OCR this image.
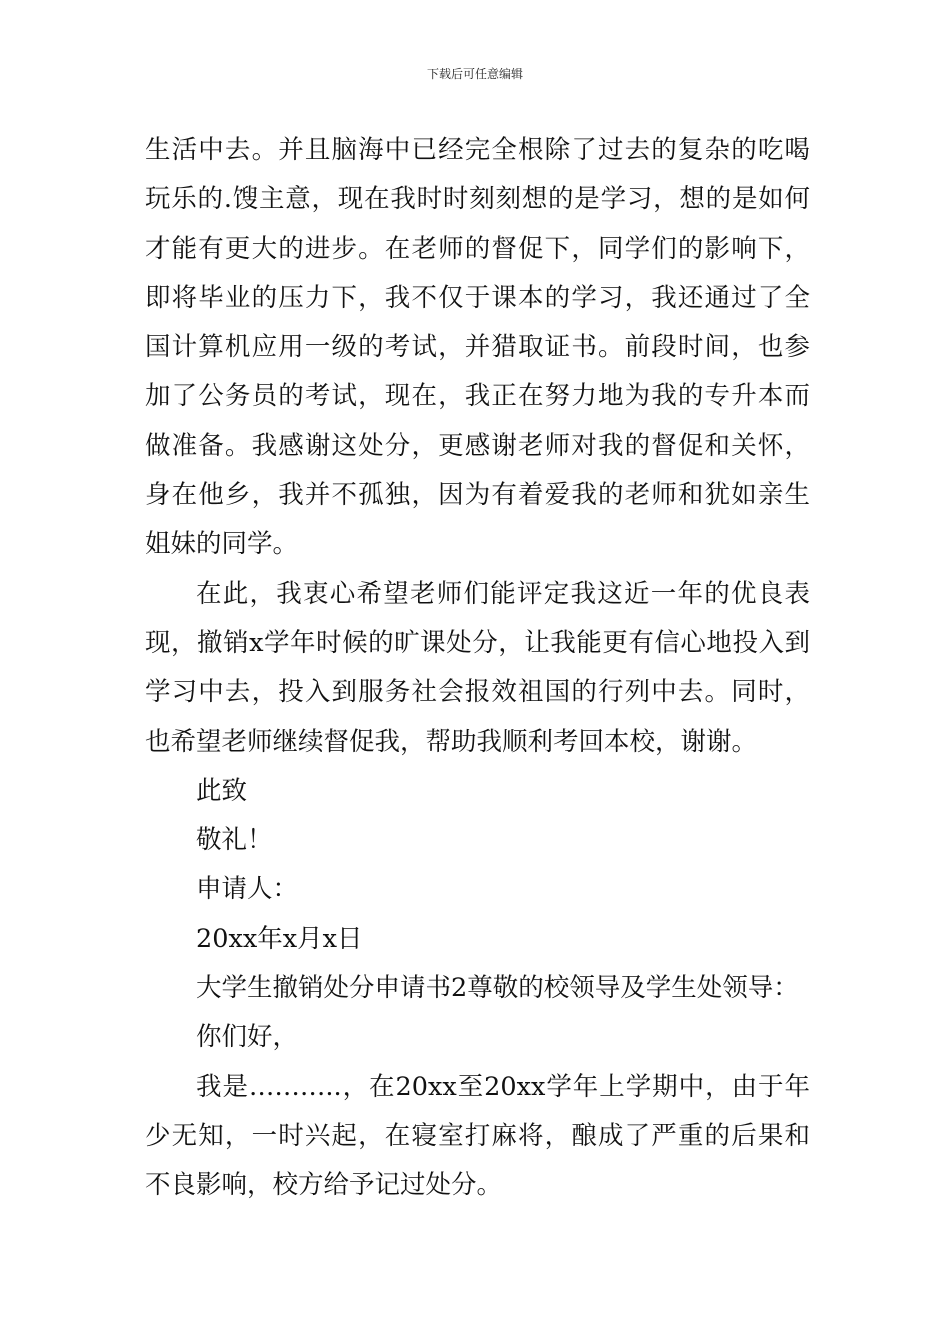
下载后可任意编辑
生活中去。并且脑海中已经完全根除了过去的复杂的吃喝
玩乐的.馊主意，现在我时时刻刻想的是学习，想的是如何
才能有更大的进步。在老师的督促下，同学们的影响下，
即将毕业的压力下，我不仅于课本的学习，我还通过了全
国计算机应用一级的考试，并猎取证书。前段时间，也参
加了公务员的考试，现在，我正在努力地为我的专升本而
做准备。我感谢这处分，更感谢老师对我的督促和关怀，
身在他乡，我并不孤独，因为有着爱我的老师和犹如亲生
姐妹的同学。
在此，我衷心希望老师们能评定我这近一年的优良表
现，撤销x学年时候的旷课处分，让我能更有信心地投入到
学习中去，投入到服务社会报效祖国的行列中去。同时，
也希望老师继续督促我，帮助我顺利考回本校，谢谢。
此致
敬礼！
申请人：
20xx年x月x日
大学生撤销处分申请书2尊敬的校领导及学生处领导：
你们好，
我是………..，在20xx至20xx学年上学期中，由于年
少无知，一时兴起，在寝室打麻将，酿成了严重的后果和
不良影响，校方给予记过处分。
